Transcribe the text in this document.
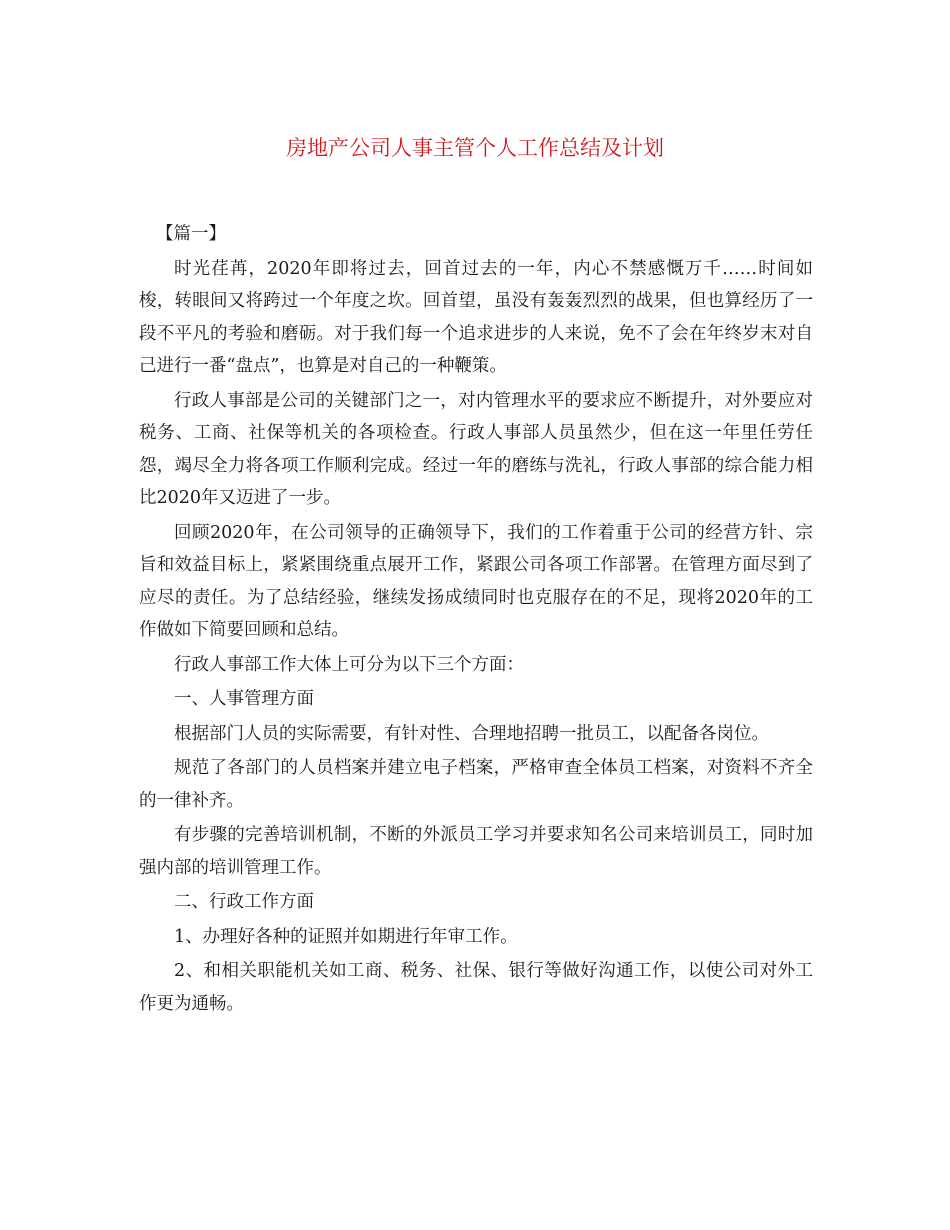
房地产公司人事主管个人工作总结及计划

【篇一】

时光荏苒，2020年即将过去，回首过去的一年，内心不禁感慨万千……时间如梭，转眼间又将跨过一个年度之坎。回首望，虽没有轰轰烈烈的战果，但也算经历了一段不平凡的考验和磨砺。对于我们每一个追求进步的人来说，免不了会在年终岁末对自己进行一番“盘点”，也算是对自己的一种鞭策。

行政人事部是公司的关键部门之一，对内管理水平的要求应不断提升，对外要应对税务、工商、社保等机关的各项检查。行政人事部人员虽然少，但在这一年里任劳任怨，竭尽全力将各项工作顺利完成。经过一年的磨练与洗礼，行政人事部的综合能力相比2020年又迈进了一步。

回顾2020年，在公司领导的正确领导下，我们的工作着重于公司的经营方针、宗旨和效益目标上，紧紧围绕重点展开工作，紧跟公司各项工作部署。在管理方面尽到了应尽的责任。为了总结经验，继续发扬成绩同时也克服存在的不足，现将2020年的工作做如下简要回顾和总结。

行政人事部工作大体上可分为以下三个方面：

一、人事管理方面

根据部门人员的实际需要，有针对性、合理地招聘一批员工，以配备各岗位。

规范了各部门的人员档案并建立电子档案，严格审查全体员工档案，对资料不齐全的一律补齐。

有步骤的完善培训机制，不断的外派员工学习并要求知名公司来培训员工，同时加强内部的培训管理工作。

二、行政工作方面

1、办理好各种的证照并如期进行年审工作。

2、和相关职能机关如工商、税务、社保、银行等做好沟通工作，以使公司对外工作更为通畅。
